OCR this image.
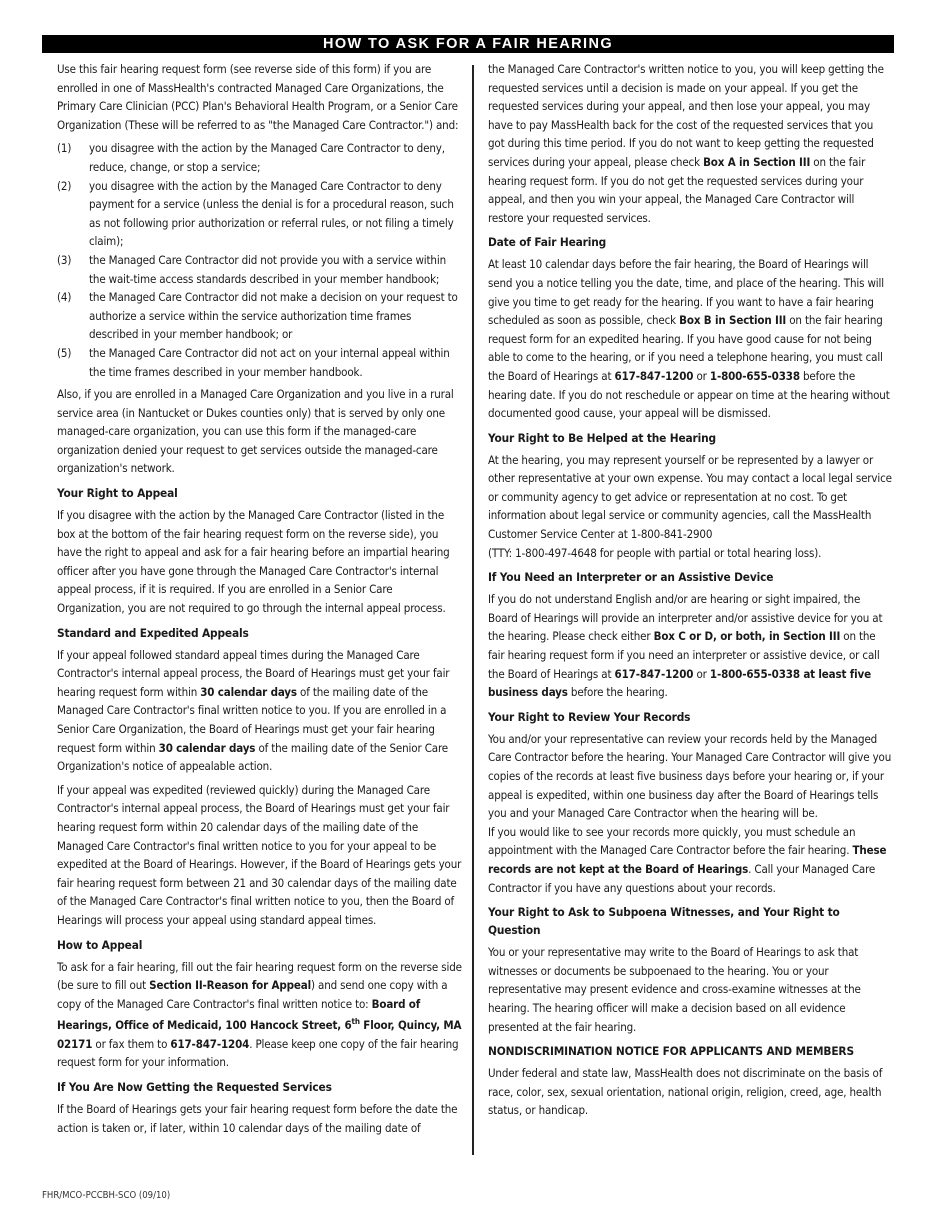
HOW TO ASK FOR A FAIR HEARING

Use this fair hearing request form (see reverse side of this form) if you are enrolled in one of MassHealth's contracted Managed Care Organizations, the Primary Care Clinician (PCC) Plan's Behavioral Health Program, or a Senior Care Organization (These will be referred to as "the Managed Care Contractor.") and:

(1)	you disagree with the action by the Managed Care Contractor to deny, reduce, change, or stop a service;
(2)	you disagree with the action by the Managed Care Contractor to deny payment for a service (unless the denial is for a procedural reason, such as not following prior authorization or referral rules, or not filing a timely claim);
(3)	the Managed Care Contractor did not provide you with a service within the wait-time access standards described in your member handbook;
(4)	the Managed Care Contractor did not make a decision on your request to authorize a service within the service authorization time frames described in your member handbook; or
(5)	the Managed Care Contractor did not act on your internal appeal within the time frames described in your member handbook.

Also, if you are enrolled in a Managed Care Organization and you live in a rural service area (in Nantucket or Dukes counties only) that is served by only one managed-care organization, you can use this form if the managed-care organization denied your request to get services outside the managed-care organization's network.

Your Right to Appeal

If you disagree with the action by the Managed Care Contractor (listed in the box at the bottom of the fair hearing request form on the reverse side), you have the right to appeal and ask for a fair hearing before an impartial hearing officer after you have gone through the Managed Care Contractor's internal appeal process, if it is required. If you are enrolled in a Senior Care Organization, you are not required to go through the internal appeal process.

Standard and Expedited Appeals

If your appeal followed standard appeal times during the Managed Care Contractor's internal appeal process, the Board of Hearings must get your fair hearing request form within 30 calendar days of the mailing date of the Managed Care Contractor's final written notice to you. If you are enrolled in a Senior Care Organization, the Board of Hearings must get your fair hearing request form within 30 calendar days of the mailing date of the Senior Care Organization's notice of appealable action.

If your appeal was expedited (reviewed quickly) during the Managed Care Contractor's internal appeal process, the Board of Hearings must get your fair hearing request form within 20 calendar days of the mailing date of the Managed Care Contractor's final written notice to you for your appeal to be expedited at the Board of Hearings. However, if the Board of Hearings gets your fair hearing request form between 21 and 30 calendar days of the mailing date of the Managed Care Contractor's final written notice to you, then the Board of Hearings will process your appeal using standard appeal times.

How to Appeal

To ask for a fair hearing, fill out the fair hearing request form on the reverse side (be sure to fill out Section II-Reason for Appeal) and send one copy with a copy of the Managed Care Contractor's final written notice to: Board of Hearings, Office of Medicaid, 100 Hancock Street, 6th Floor, Quincy, MA 02171 or fax them to 617-847-1204. Please keep one copy of the fair hearing request form for your information.

If You Are Now Getting the Requested Services

If the Board of Hearings gets your fair hearing request form before the date the action is taken or, if later, within 10 calendar days of the mailing date of

the Managed Care Contractor's written notice to you, you will keep getting the requested services until a decision is made on your appeal. If you get the requested services during your appeal, and then lose your appeal, you may have to pay MassHealth back for the cost of the requested services that you got during this time period. If you do not want to keep getting the requested services during your appeal, please check Box A in Section III on the fair hearing request form. If you do not get the requested services during your appeal, and then you win your appeal, the Managed Care Contractor will restore your requested services.

Date of Fair Hearing

At least 10 calendar days before the fair hearing, the Board of Hearings will send you a notice telling you the date, time, and place of the hearing. This will give you time to get ready for the hearing. If you want to have a fair hearing scheduled as soon as possible, check Box B in Section III on the fair hearing request form for an expedited hearing. If you have good cause for not being able to come to the hearing, or if you need a telephone hearing, you must call the Board of Hearings at 617-847-1200 or 1-800-655-0338 before the hearing date. If you do not reschedule or appear on time at the hearing without documented good cause, your appeal will be dismissed.

Your Right to Be Helped at the Hearing

At the hearing, you may represent yourself or be represented by a lawyer or other representative at your own expense. You may contact a local legal service or community agency to get advice or representation at no cost. To get information about legal service or community agencies, call the MassHealth Customer Service Center at 1-800-841-2900
(TTY: 1-800-497-4648 for people with partial or total hearing loss).

If You Need an Interpreter or an Assistive Device

If you do not understand English and/or are hearing or sight impaired, the Board of Hearings will provide an interpreter and/or assistive device for you at the hearing. Please check either Box C or D, or both, in Section III on the fair hearing request form if you need an interpreter or assistive device, or call the Board of Hearings at 617-847-1200 or 1-800-655-0338 at least five business days before the hearing.

Your Right to Review Your Records

You and/or your representative can review your records held by the Managed Care Contractor before the hearing. Your Managed Care Contractor will give you copies of the records at least five business days before your hearing or, if your appeal is expedited, within one business day after the Board of Hearings tells you and your Managed Care Contractor when the hearing will be.
If you would like to see your records more quickly, you must schedule an appointment with the Managed Care Contractor before the fair hearing. These records are not kept at the Board of Hearings. Call your Managed Care Contractor if you have any questions about your records.

Your Right to Ask to Subpoena Witnesses, and Your Right to Question

You or your representative may write to the Board of Hearings to ask that witnesses or documents be subpoenaed to the hearing. You or your representative may present evidence and cross-examine witnesses at the hearing. The hearing officer will make a decision based on all evidence presented at the fair hearing.

NONDISCRIMINATION NOTICE FOR APPLICANTS AND MEMBERS

Under federal and state law, MassHealth does not discriminate on the basis of race, color, sex, sexual orientation, national origin, religion, creed, age, health status, or handicap.

FHR/MCO-PCCBH-SCO (09/10)
